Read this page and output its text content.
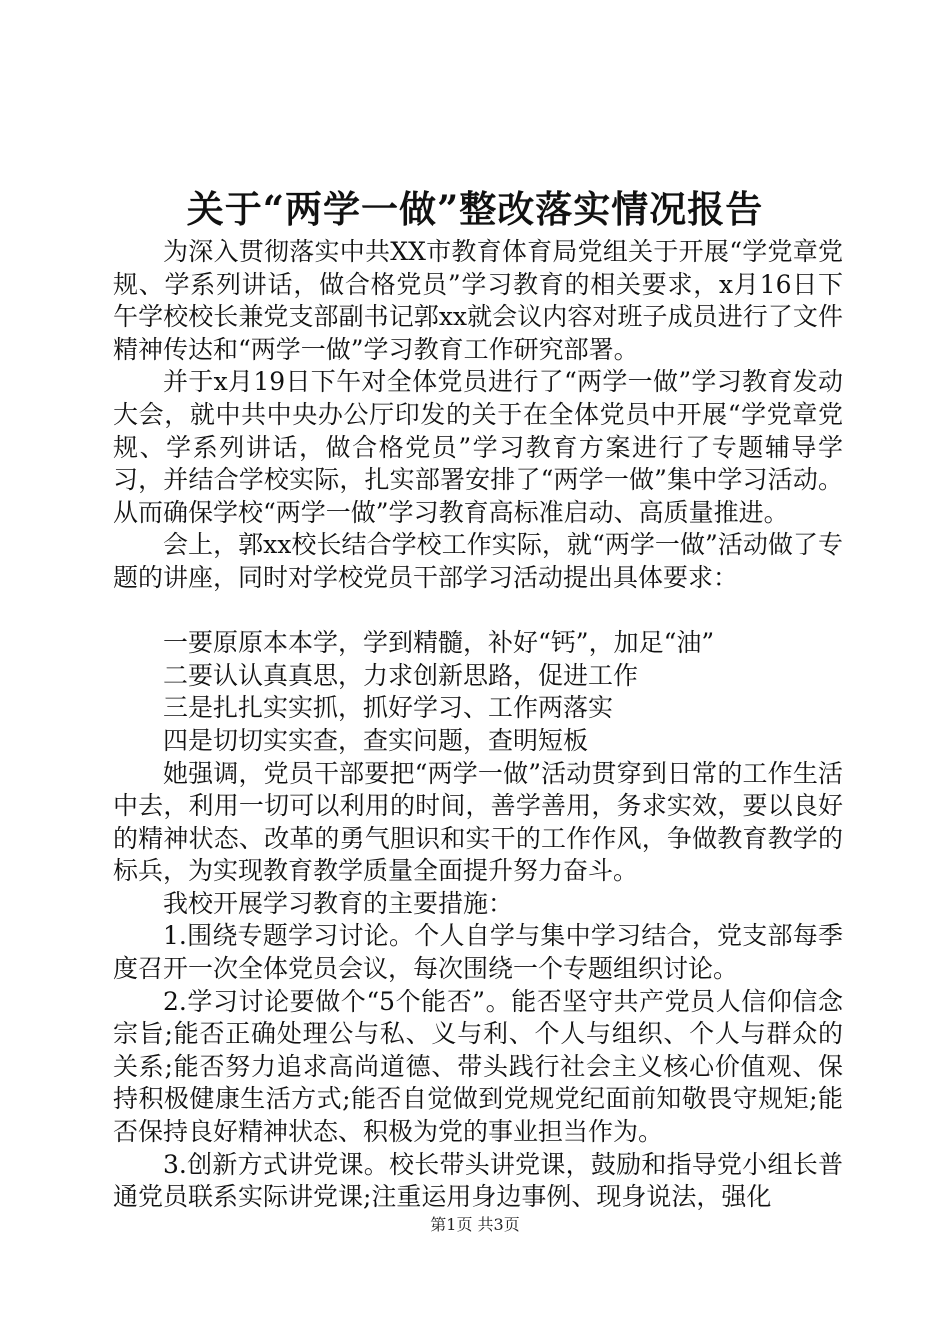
关于“两学一做”整改落实情况报告

为深入贯彻落实中共XX市教育体育局党组关于开展“学党章党规、学系列讲话，做合格党员”学习教育的相关要求，x月16日下午学校校长兼党支部副书记郭xx就会议内容对班子成员进行了文件精神传达和“两学一做”学习教育工作研究部署。

并于x月19日下午对全体党员进行了“两学一做”学习教育发动大会，就中共中央办公厅印发的关于在全体党员中开展“学党章党规、学系列讲话，做合格党员”学习教育方案进行了专题辅导学习，并结合学校实际，扎实部署安排了“两学一做”集中学习活动。从而确保学校“两学一做”学习教育高标准启动、高质量推进。

会上，郭xx校长结合学校工作实际，就“两学一做”活动做了专题的讲座，同时对学校党员干部学习活动提出具体要求：

一要原原本本学，学到精髓，补好“钙”，加足“油”

二要认认真真思，力求创新思路，促进工作

三是扎扎实实抓，抓好学习、工作两落实

四是切切实实查，查实问题，查明短板

她强调，党员干部要把“两学一做”活动贯穿到日常的工作生活中去，利用一切可以利用的时间，善学善用，务求实效，要以良好的精神状态、改革的勇气胆识和实干的工作作风，争做教育教学的标兵，为实现教育教学质量全面提升努力奋斗。

我校开展学习教育的主要措施：

1.围绕专题学习讨论。个人自学与集中学习结合，党支部每季度召开一次全体党员会议，每次围绕一个专题组织讨论。

2.学习讨论要做个“5个能否”。能否坚守共产党员人信仰信念宗旨;能否正确处理公与私、义与利、个人与组织、个人与群众的关系;能否努力追求高尚道德、带头践行社会主义核心价值观、保持积极健康生活方式;能否自觉做到党规党纪面前知敬畏守规矩;能否保持良好精神状态、积极为党的事业担当作为。

3.创新方式讲党课。校长带头讲党课，鼓励和指导党小组长普通党员联系实际讲党课;注重运用身边事例、现身说法，强化

第1页 共3页
